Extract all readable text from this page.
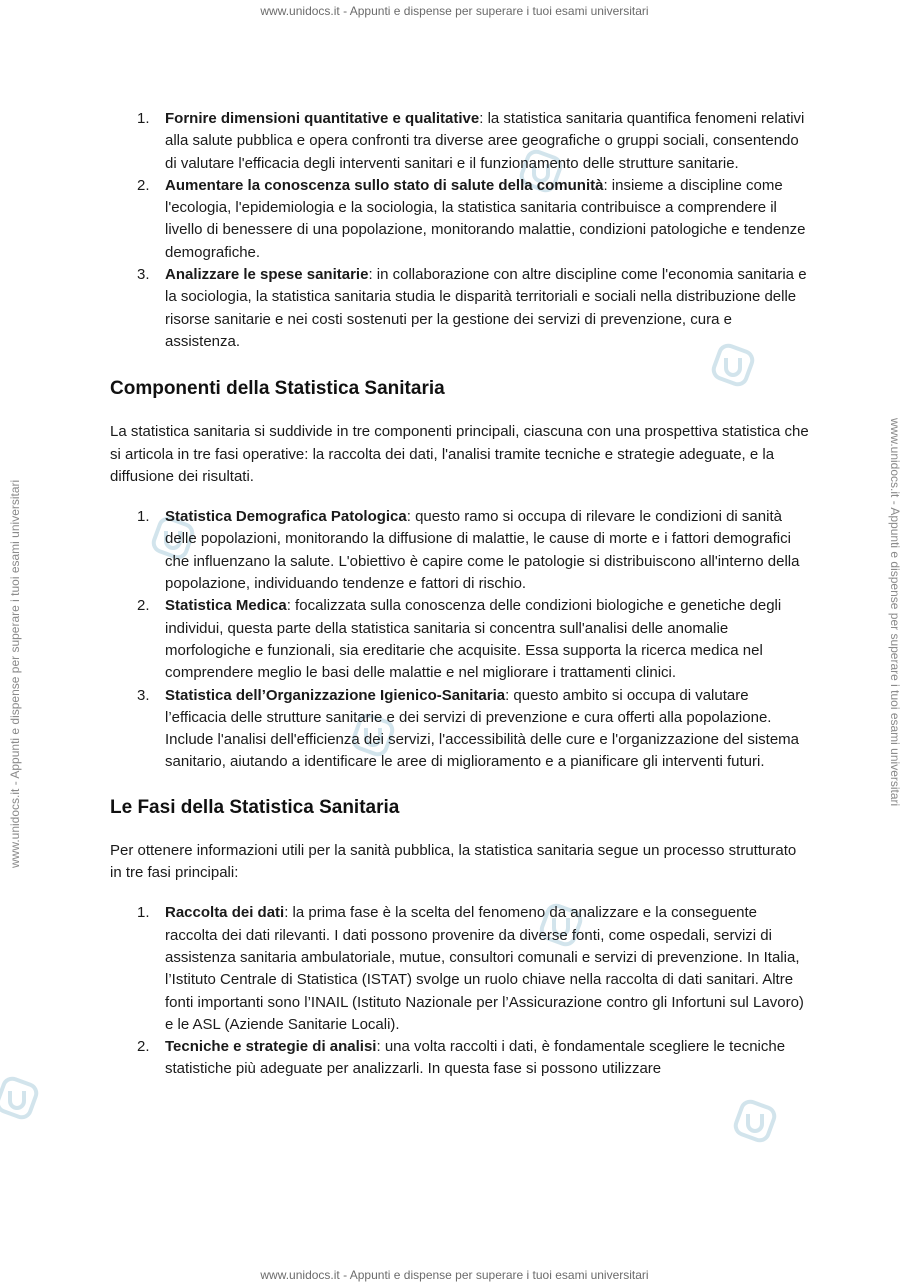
www.unidocs.it - Appunti e dispense per superare i tuoi esami universitari
www.unidocs.it - Appunti e dispense per superare i tuoi esami universitari
www.unidocs.it - Appunti e dispense per superare i tuoi esami universitari	www.unidocs.it - Appunti e dispense per superare i tuoi esami universitari
1. Fornire dimensioni quantitative e qualitative: la statistica sanitaria quantifica fenomeni relativi alla salute pubblica e opera confronti tra diverse aree geografiche o gruppi sociali, consentendo di valutare l'efficacia degli interventi sanitari e il funzionamento delle strutture sanitarie.
2. Aumentare la conoscenza sullo stato di salute della comunità: insieme a discipline come l'ecologia, l'epidemiologia e la sociologia, la statistica sanitaria contribuisce a comprendere il livello di benessere di una popolazione, monitorando malattie, condizioni patologiche e tendenze demografiche.
3. Analizzare le spese sanitarie: in collaborazione con altre discipline come l'economia sanitaria e la sociologia, la statistica sanitaria studia le disparità territoriali e sociali nella distribuzione delle risorse sanitarie e nei costi sostenuti per la gestione dei servizi di prevenzione, cura e assistenza.
Componenti della Statistica Sanitaria

La statistica sanitaria si suddivide in tre componenti principali, ciascuna con una prospettiva statistica che si articola in tre fasi operative: la raccolta dei dati, l'analisi tramite tecniche e strategie adeguate, e la diffusione dei risultati.

1. Statistica Demografica Patologica: questo ramo si occupa di rilevare le condizioni di sanità delle popolazioni, monitorando la diffusione di malattie, le cause di morte e i fattori demografici che influenzano la salute. L'obiettivo è capire come le patologie si distribuiscono all'interno della popolazione, individuando tendenze e fattori di rischio.
2. Statistica Medica: focalizzata sulla conoscenza delle condizioni biologiche e genetiche degli individui, questa parte della statistica sanitaria si concentra sull'analisi delle anomalie morfologiche e funzionali, sia ereditarie che acquisite. Essa supporta la ricerca medica nel comprendere meglio le basi delle malattie e nel migliorare i trattamenti clinici.
3. Statistica dell’Organizzazione Igienico-Sanitaria: questo ambito si occupa di valutare l’efficacia delle strutture sanitarie e dei servizi di prevenzione e cura offerti alla popolazione. Include l'analisi dell'efficienza dei servizi, l'accessibilità delle cure e l'organizzazione del sistema sanitario, aiutando a identificare le aree di miglioramento e a pianificare gli interventi futuri.
Le Fasi della Statistica Sanitaria

Per ottenere informazioni utili per la sanità pubblica, la statistica sanitaria segue un processo strutturato in tre fasi principali:

1. Raccolta dei dati: la prima fase è la scelta del fenomeno da analizzare e la conseguente raccolta dei dati rilevanti. I dati possono provenire da diverse fonti, come ospedali, servizi di assistenza sanitaria ambulatoriale, mutue, consultori comunali e servizi di prevenzione. In Italia, l’Istituto Centrale di Statistica (ISTAT) svolge un ruolo chiave nella raccolta di dati sanitari. Altre fonti importanti sono l’INAIL (Istituto Nazionale per l’Assicurazione contro gli Infortuni sul Lavoro) e le ASL (Aziende Sanitarie Locali).
2. Tecniche e strategie di analisi: una volta raccolti i dati, è fondamentale scegliere le tecniche statistiche più adeguate per analizzarli. In questa fase si possono utilizzare
